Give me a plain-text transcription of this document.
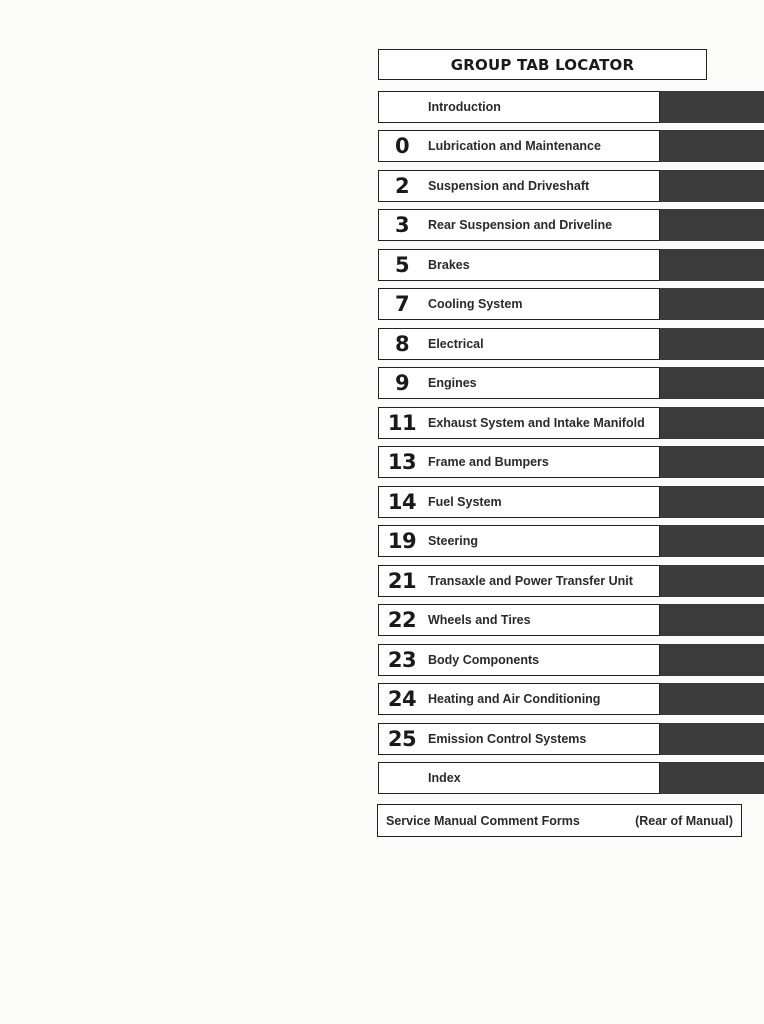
GROUP TAB LOCATOR
Introduction
0	Lubrication and Maintenance
2	Suspension and Driveshaft
3	Rear Suspension and Driveline
5	Brakes
7	Cooling System
8	Electrical
9	Engines
11 Exhaust System and Intake Manifold
13 Frame and Bumpers
14 Fuel System
19 Steering
21 Transaxle and Power Transfer Unit
22 Wheels and Tires
23 Body Components
24 Heating and Air Conditioning
25 Emission Control Systems
Index
Service Manual Comment Forms	(Rear of Manual)
